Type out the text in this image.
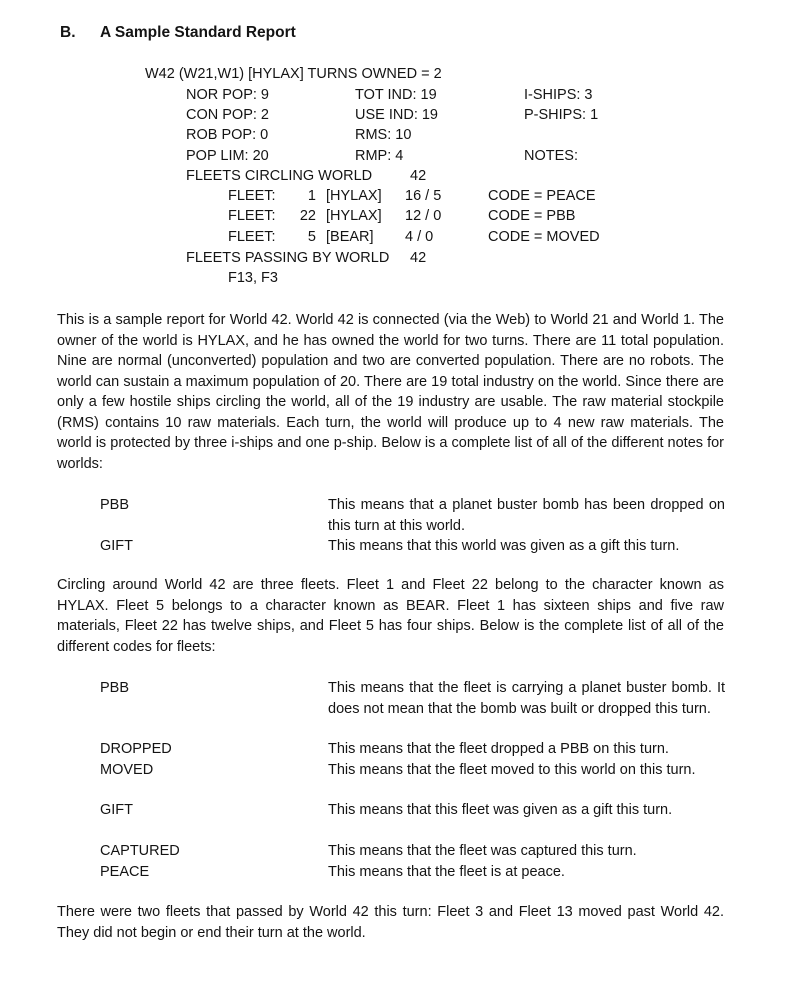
B. A Sample Standard Report
W42 (W21,W1) [HYLAX] TURNS OWNED = 2
NOR POP: 9	TOT IND: 19	I-SHIPS: 3
CON POP: 2	USE IND: 19	P-SHIPS: 1
ROB POP: 0	RMS: 10
POP LIM: 20	RMP: 4	NOTES:
FLEETS CIRCLING WORLD	42
FLEET:	1 [HYLAX] 16 / 5	CODE = PEACE
FLEET:	22 [HYLAX] 12 / 0	CODE = PBB
FLEET:	5 [BEAR] 4 / 0	CODE = MOVED
FLEETS PASSING BY WORLD 42
F13, F3
This is a sample report for World 42. World 42 is connected (via the Web) to World 21 and World 1. The owner of the world is HYLAX, and he has owned the world for two turns. There are 11 total population. Nine are normal (unconverted) population and two are converted population. There are no robots. The world can sustain a maximum population of 20. There are 19 total industry on the world. Since there are only a few hostile ships circling the world, all of the 19 industry are usable. The raw material stockpile (RMS) contains 10 raw materials. Each turn, the world will produce up to 4 new raw materials. The world is protected by three i-ships and one p-ship. Below is a complete list of all of the different notes for worlds:
PBB	This means that a planet buster bomb has been dropped on this turn at this world.
GIFT	This means that this world was given as a gift this turn.
Circling around World 42 are three fleets. Fleet 1 and Fleet 22 belong to the character known as HYLAX. Fleet 5 belongs to a character known as BEAR. Fleet 1 has sixteen ships and five raw materials, Fleet 22 has twelve ships, and Fleet 5 has four ships. Below is the complete list of all of the different codes for fleets:
PBB	This means that the fleet is carrying a planet buster bomb. It does not mean that the bomb was built or dropped this turn.
DROPPED	This means that the fleet dropped a PBB on this turn.
MOVED	This means that the fleet moved to this world on this turn.
GIFT	This means that this fleet was given as a gift this turn.
CAPTURED	This means that the fleet was captured this turn.
PEACE	This means that the fleet is at peace.
There were two fleets that passed by World 42 this turn: Fleet 3 and Fleet 13 moved past World 42. They did not begin or end their turn at the world.
